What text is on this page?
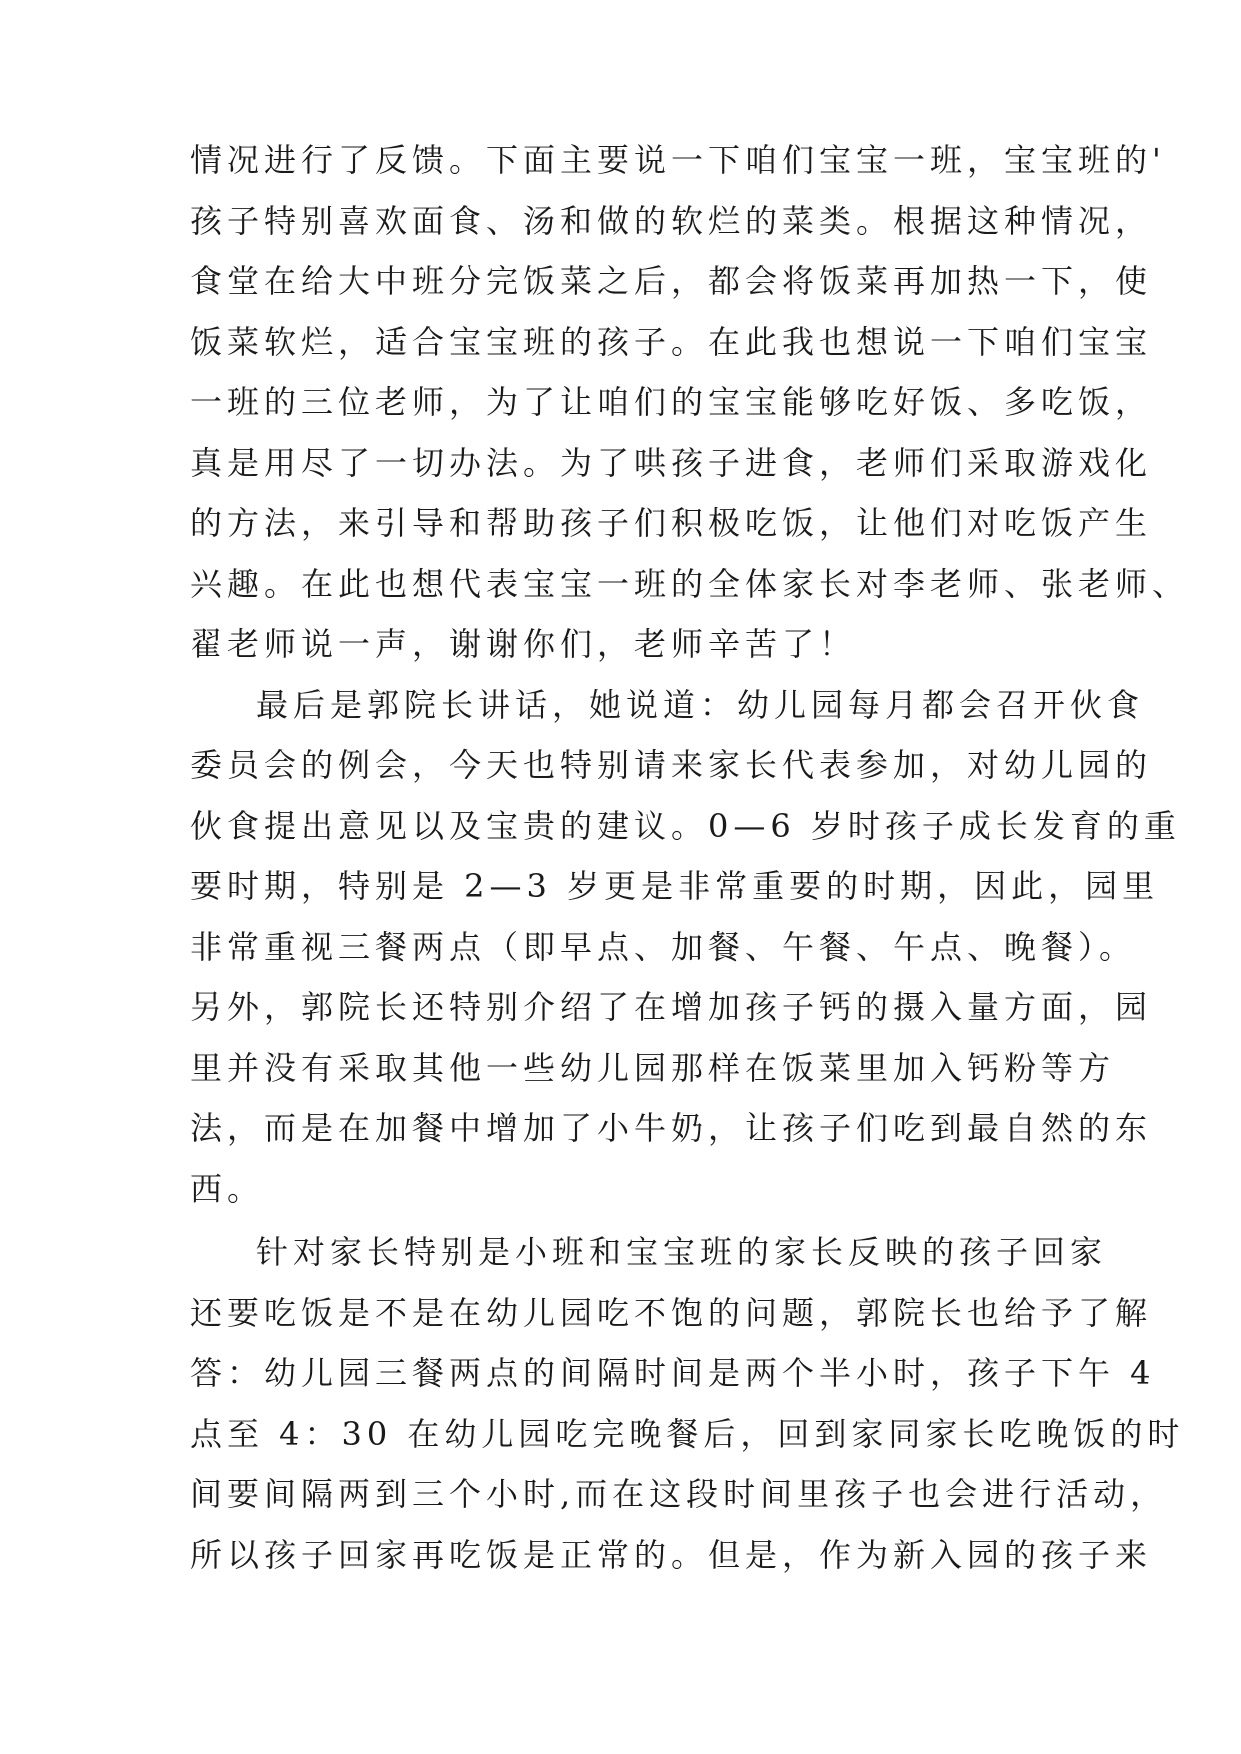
情况进行了反馈。下面主要说一下咱们宝宝一班，宝宝班的'
孩子特别喜欢面食、汤和做的软烂的菜类。根据这种情况，
食堂在给大中班分完饭菜之后，都会将饭菜再加热一下，使
饭菜软烂，适合宝宝班的孩子。在此我也想说一下咱们宝宝
一班的三位老师，为了让咱们的宝宝能够吃好饭、多吃饭，
真是用尽了一切办法。为了哄孩子进食，老师们采取游戏化
的方法，来引导和帮助孩子们积极吃饭，让他们对吃饭产生
兴趣。在此也想代表宝宝一班的全体家长对李老师、张老师、
翟老师说一声，谢谢你们，老师辛苦了！
最后是郭院长讲话，她说道：幼儿园每月都会召开伙食
委员会的例会，今天也特别请来家长代表参加，对幼儿园的
伙食提出意见以及宝贵的建议。0—6 岁时孩子成长发育的重
要时期，特别是 2—3 岁更是非常重要的时期，因此，园里
非常重视三餐两点（即早点、加餐、午餐、午点、晚餐）。
另外，郭院长还特别介绍了在增加孩子钙的摄入量方面，园
里并没有采取其他一些幼儿园那样在饭菜里加入钙粉等方
法，而是在加餐中增加了小牛奶，让孩子们吃到最自然的东
西。
针对家长特别是小班和宝宝班的家长反映的孩子回家
还要吃饭是不是在幼儿园吃不饱的问题，郭院长也给予了解
答：幼儿园三餐两点的间隔时间是两个半小时，孩子下午 4
点至 4：30 在幼儿园吃完晚餐后，回到家同家长吃晚饭的时
间要间隔两到三个小时,而在这段时间里孩子也会进行活动，
所以孩子回家再吃饭是正常的。但是，作为新入园的孩子来
